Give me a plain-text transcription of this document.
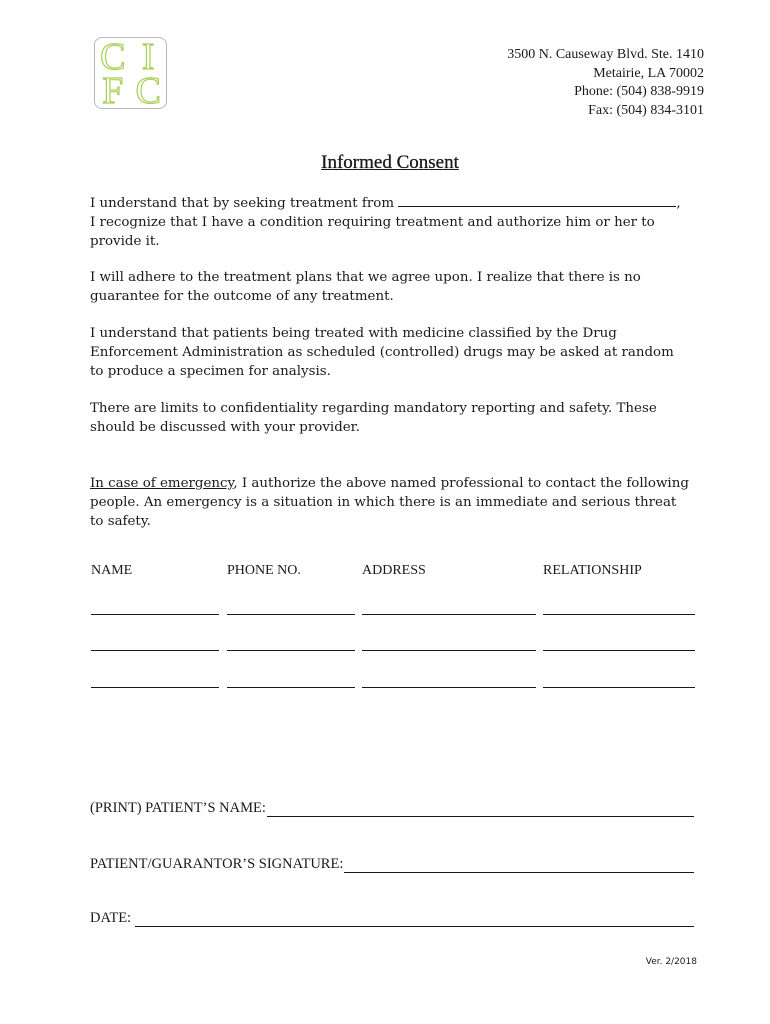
C I
F C
3500 N. Causeway Blvd. Ste. 1410
Metairie, LA 70002
Phone: (504) 838-9919
Fax: (504) 834-3101
Informed Consent

I understand that by seeking treatment from	, I recognize that I have a condition requiring treatment and authorize him or her to provide it.

I will adhere to the treatment plans that we agree upon. I realize that there is no guarantee for the outcome of any treatment.

I understand that patients being treated with medicine classified by the Drug Enforcement Administration as scheduled (controlled) drugs may be asked at random to produce a specimen for analysis.

There are limits to confidentiality regarding mandatory reporting and safety. These should be discussed with your provider.

In case of emergency, I authorize the above named professional to contact the following people. An emergency is a situation in which there is an immediate and serious threat to safety.

NAME	PHONE NO.	ADDRESS	RELATIONSHIP
(PRINT) PATIENT’S NAME:
PATIENT/GUARANTOR’S SIGNATURE:
DATE:
Ver. 2/2018
